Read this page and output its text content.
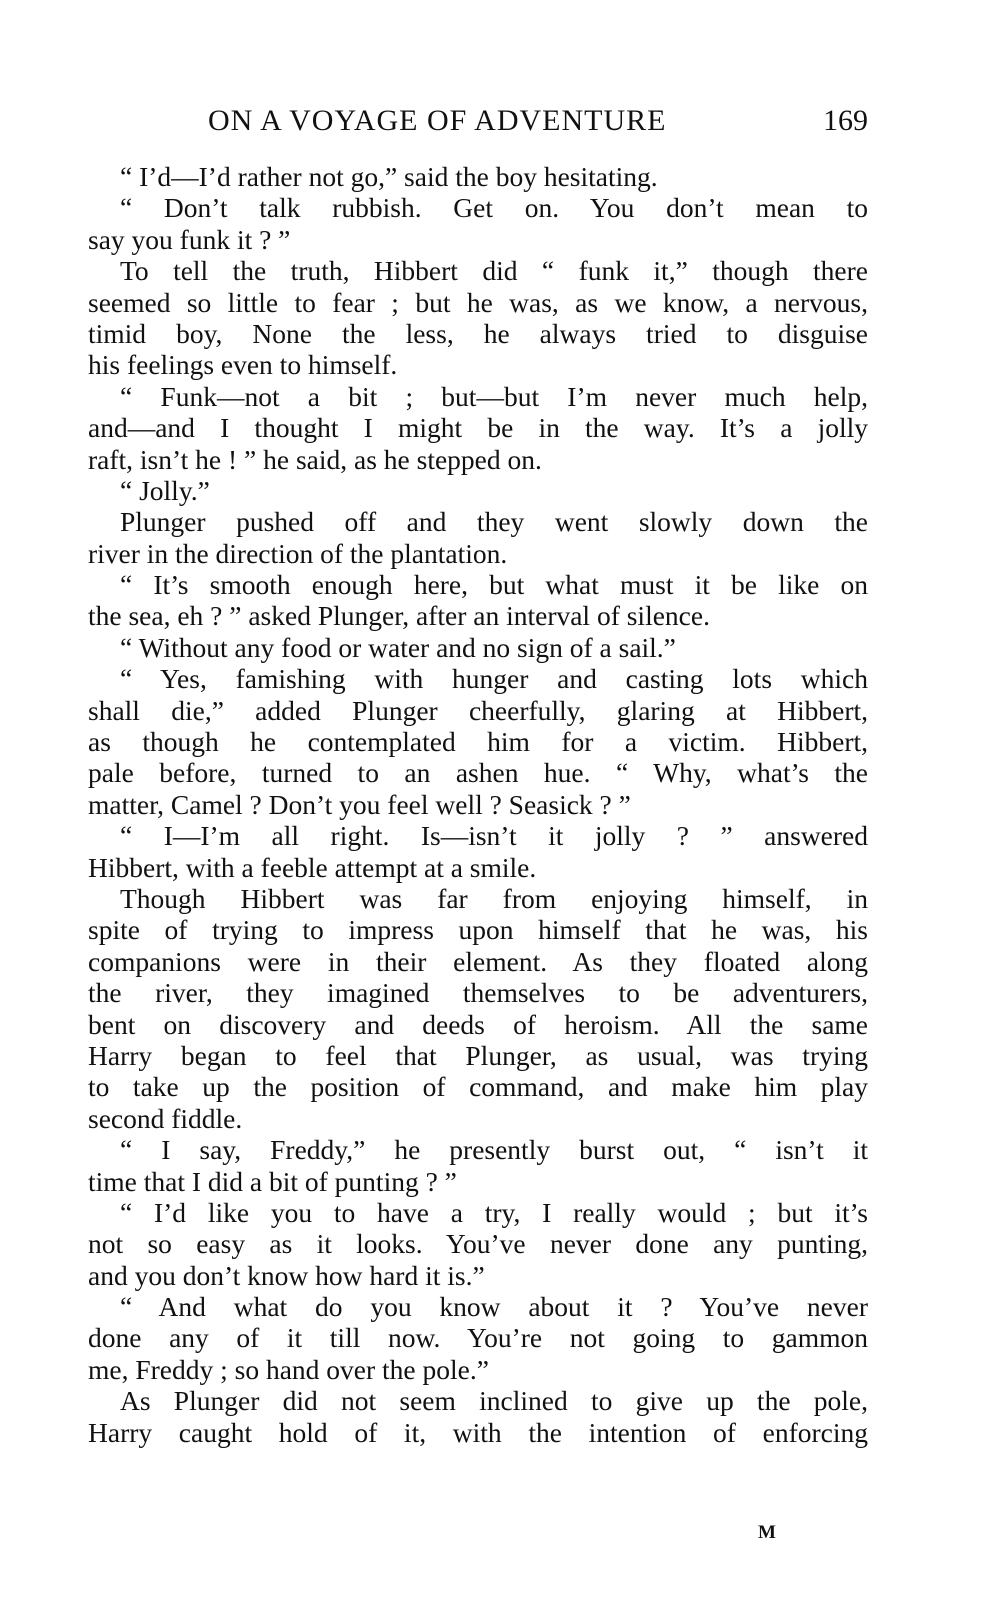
ON A VOYAGE OF ADVENTURE	169
“ I’d—I’d rather not go,” said the boy hesitating.
“ Don’t talk rubbish. Get on. You don’t mean to
say you funk it ? ”
To tell the truth, Hibbert did “ funk it,” though there
seemed so little to fear ; but he was, as we know, a nervous,
timid boy, None the less, he always tried to disguise
his feelings even to himself.
“ Funk—not a bit ; but—but I’m never much help,
and—and I thought I might be in the way. It’s a jolly
raft, isn’t he ! ” he said, as he stepped on.
“ Jolly.”
Plunger pushed off and they went slowly down the
river in the direction of the plantation.
“ It’s smooth enough here, but what must it be like on
the sea, eh ? ” asked Plunger, after an interval of silence.
“ Without any food or water and no sign of a sail.”
“ Yes, famishing with hunger and casting lots which
shall die,” added Plunger cheerfully, glaring at Hibbert,
as though he contemplated him for a victim. Hibbert,
pale before, turned to an ashen hue. “ Why, what’s the
matter, Camel ? Don’t you feel well ? Seasick ? ”
“ I—I’m all right. Is—isn’t it jolly ? ” answered
Hibbert, with a feeble attempt at a smile.
Though Hibbert was far from enjoying himself, in
spite of trying to impress upon himself that he was, his
companions were in their element. As they floated along
the river, they imagined themselves to be adventurers,
bent on discovery and deeds of heroism. All the same
Harry began to feel that Plunger, as usual, was trying
to take up the position of command, and make him play
second fiddle.
“ I say, Freddy,” he presently burst out, “ isn’t it
time that I did a bit of punting ? ”
“ I’d like you to have a try, I really would ; but it’s
not so easy as it looks. You’ve never done any punting,
and you don’t know how hard it is.”
“ And what do you know about it ? You’ve never
done any of it till now. You’re not going to gammon
me, Freddy ; so hand over the pole.”
As Plunger did not seem inclined to give up the pole,
Harry caught hold of it, with the intention of enforcing
M
